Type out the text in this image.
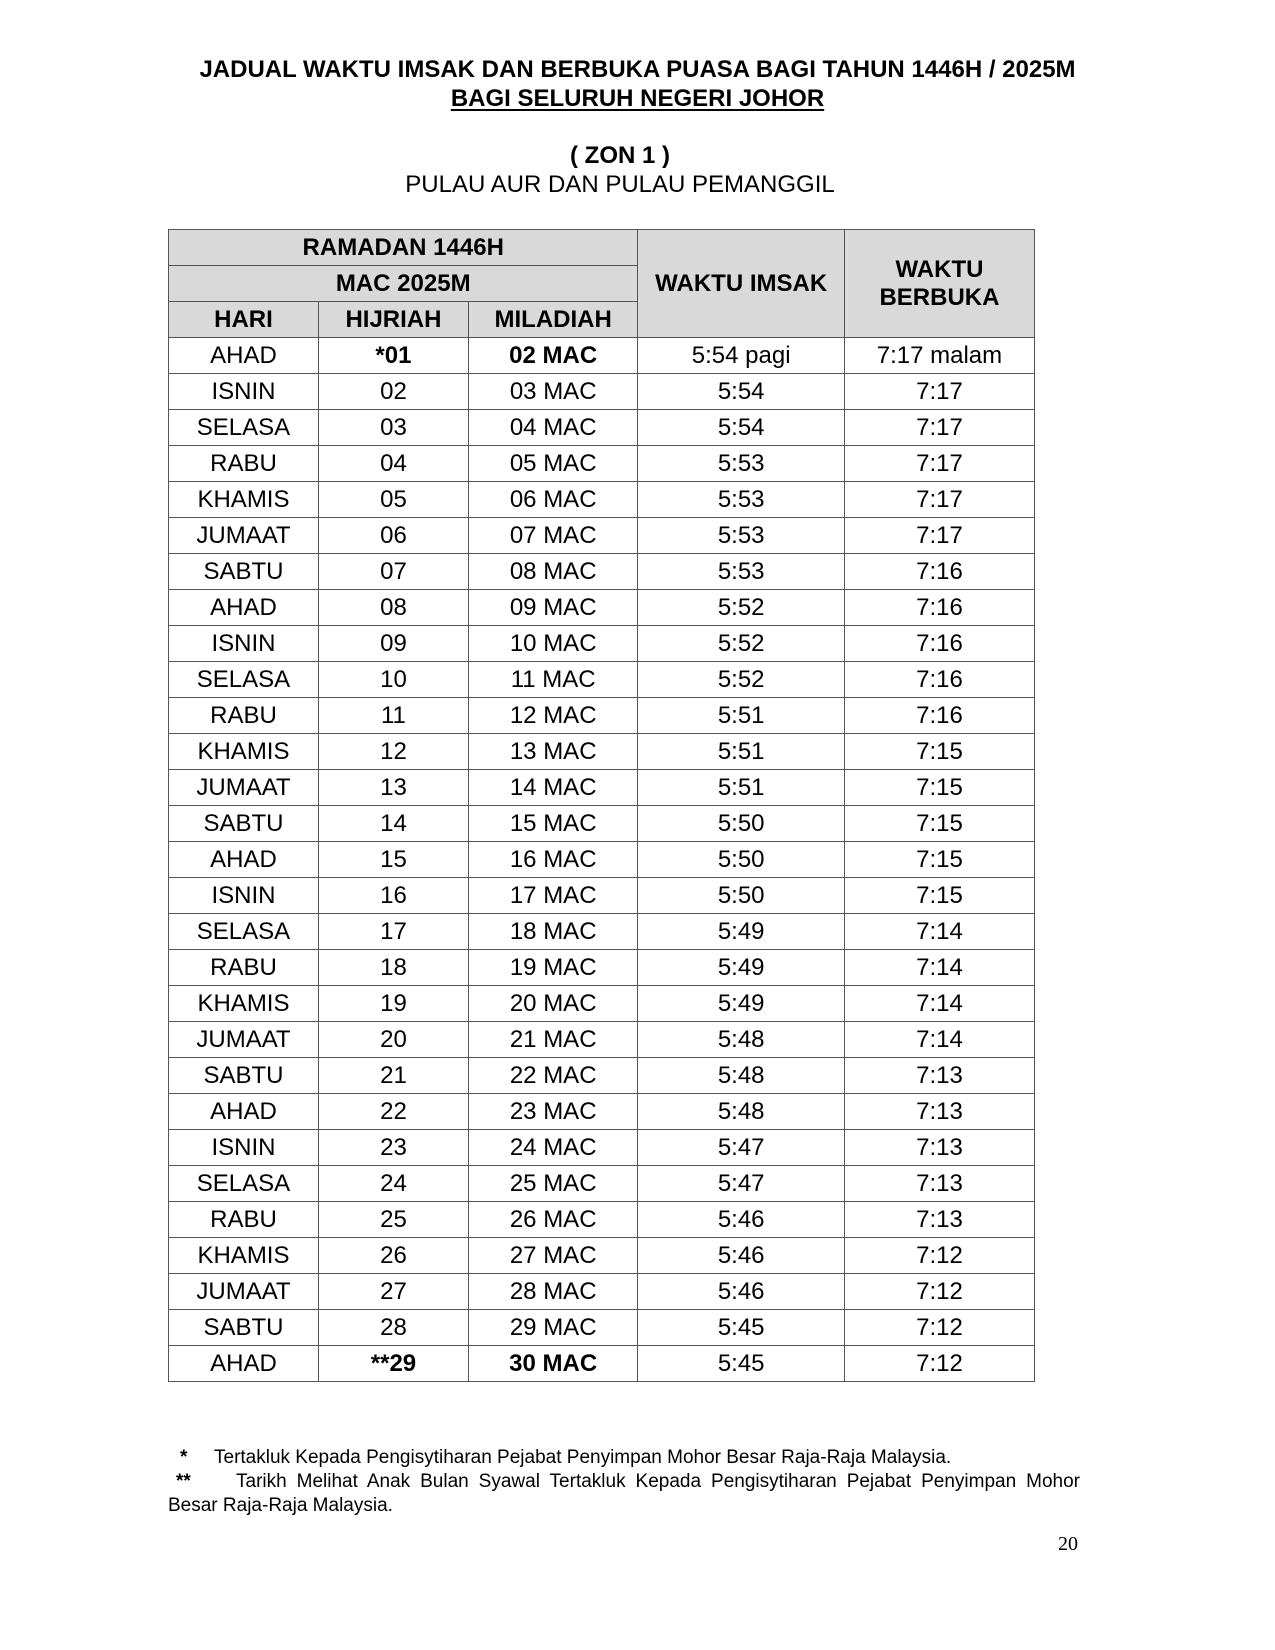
JADUAL WAKTU IMSAK DAN BERBUKA PUASA BAGI TAHUN 1446H / 2025M
BAGI SELURUH NEGERI JOHOR
( ZON 1 )
PULAU AUR DAN PULAU PEMANGGIL
RAMADAN 1446H			WAKTU IMSAK	WAKTU
BERBUKA
MAC 2025M				
HARI	HIJRIAH	MILADIAH		
AHAD	*01	02 MAC	5:54 pagi	7:17 malam
ISNIN	02	03 MAC	5:54	7:17
SELASA	03	04 MAC	5:54	7:17
RABU	04	05 MAC	5:53	7:17
KHAMIS	05	06 MAC	5:53	7:17
JUMAAT	06	07 MAC	5:53	7:17
SABTU	07	08 MAC	5:53	7:16
AHAD	08	09 MAC	5:52	7:16
ISNIN	09	10 MAC	5:52	7:16
SELASA	10	11 MAC	5:52	7:16
RABU	11	12 MAC	5:51	7:16
KHAMIS	12	13 MAC	5:51	7:15
JUMAAT	13	14 MAC	5:51	7:15
SABTU	14	15 MAC	5:50	7:15
AHAD	15	16 MAC	5:50	7:15
ISNIN	16	17 MAC	5:50	7:15
SELASA	17	18 MAC	5:49	7:14
RABU	18	19 MAC	5:49	7:14
KHAMIS	19	20 MAC	5:49	7:14
JUMAAT	20	21 MAC	5:48	7:14
SABTU	21	22 MAC	5:48	7:13
AHAD	22	23 MAC	5:48	7:13
ISNIN	23	24 MAC	5:47	7:13
SELASA	24	25 MAC	5:47	7:13
RABU	25	26 MAC	5:46	7:13
KHAMIS	26	27 MAC	5:46	7:12
JUMAAT	27	28 MAC	5:46	7:12
SABTU	28	29 MAC	5:45	7:12
AHAD	**29	30 MAC	5:45	7:12
* Tertakluk Kepada Pengisytiharan Pejabat Penyimpan Mohor Besar Raja-Raja Malaysia.
** Tarikh Melihat Anak Bulan Syawal Tertakluk Kepada Pengisytiharan Pejabat Penyimpan Mohor Besar Raja-Raja Malaysia.
20
